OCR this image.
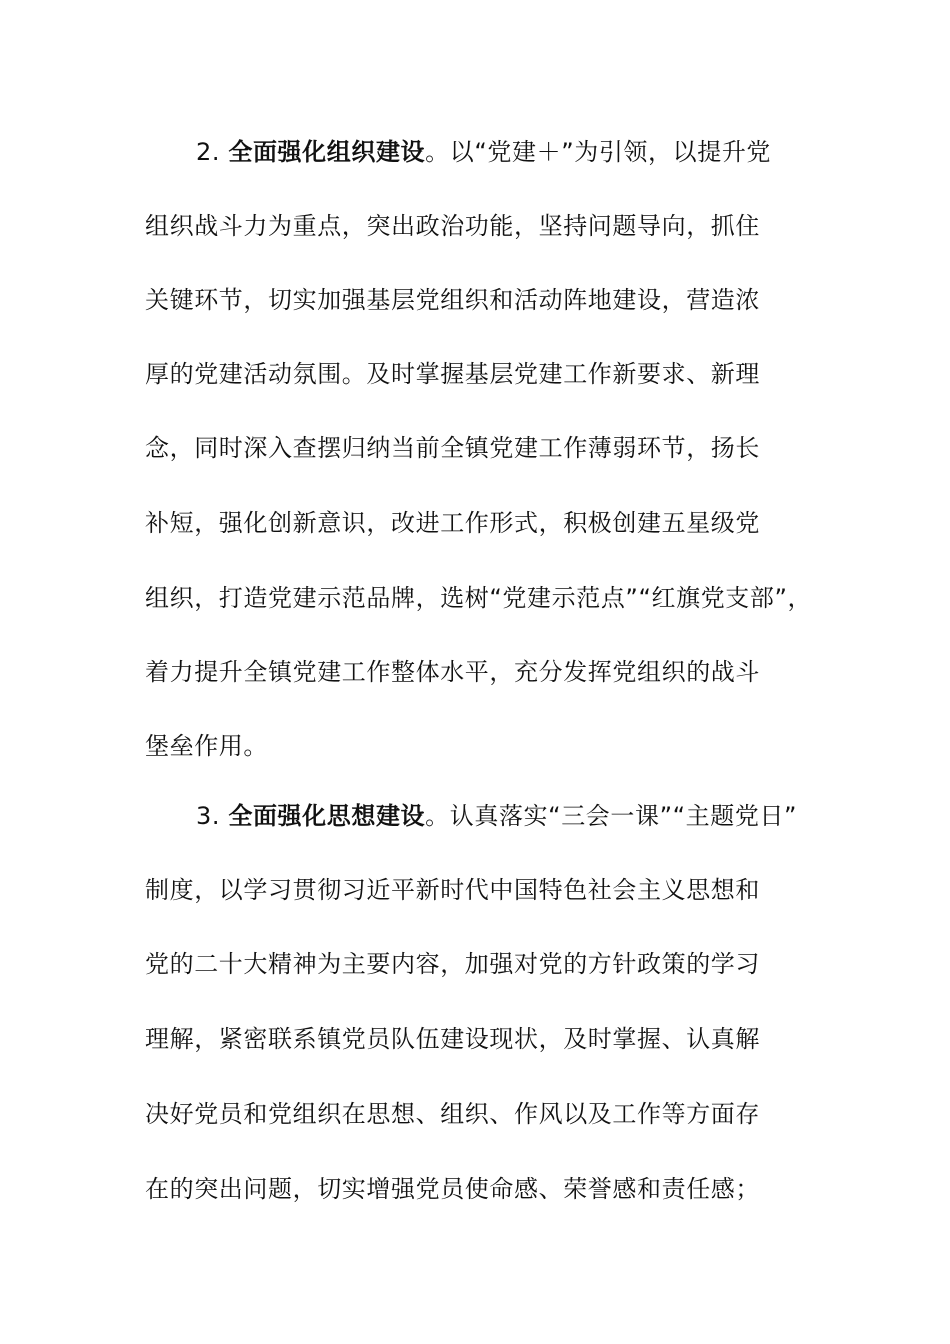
2. 全面强化组织建设。以“党建＋”为引领，以提升党
组织战斗力为重点，突出政治功能，坚持问题导向，抓住
关键环节，切实加强基层党组织和活动阵地建设，营造浓
厚的党建活动氛围。及时掌握基层党建工作新要求、新理
念，同时深入查摆归纳当前全镇党建工作薄弱环节，扬长
补短，强化创新意识，改进工作形式，积极创建五星级党
组织，打造党建示范品牌，选树“党建示范点”“红旗党支部”，
着力提升全镇党建工作整体水平，充分发挥党组织的战斗
堡垒作用。
3. 全面强化思想建设。认真落实“三会一课”“主题党日”
制度，以学习贯彻习近平新时代中国特色社会主义思想和
党的二十大精神为主要内容，加强对党的方针政策的学习
理解，紧密联系镇党员队伍建设现状，及时掌握、认真解
决好党员和党组织在思想、组织、作风以及工作等方面存
在的突出问题，切实增强党员使命感、荣誉感和责任感；
